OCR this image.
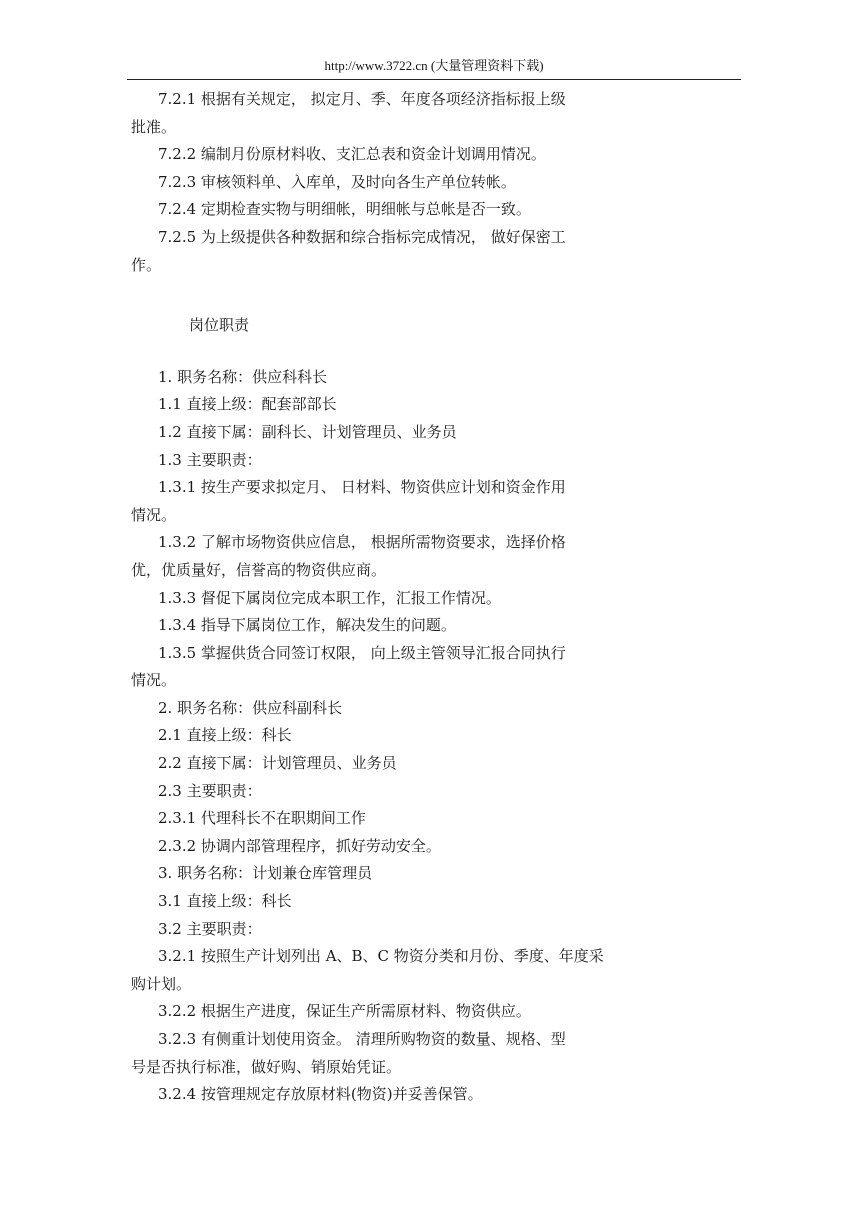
http://www.3722.cn (大量管理资料下载)

7.2.1 根据有关规定， 拟定月、季、年度各项经济指标报上级

批准。

7.2.2 编制月份原材料收、支汇总表和资金计划调用情况。

7.2.3 审核领料单、入库单，及时向各生产单位转帐。

7.2.4 定期检查实物与明细帐，明细帐与总帐是否一致。

7.2.5 为上级提供各种数据和综合指标完成情况， 做好保密工

作。

岗位职责

1. 职务名称：供应科科长

1.1 直接上级：配套部部长

1.2 直接下属：副科长、计划管理员、业务员

1.3 主要职责：

1.3.1 按生产要求拟定月、 日材料、物资供应计划和资金作用

情况。

1.3.2 了解市场物资供应信息， 根据所需物资要求，选择价格

优，优质量好，信誉高的物资供应商。

1.3.3 督促下属岗位完成本职工作，汇报工作情况。

1.3.4 指导下属岗位工作，解决发生的问题。

1.3.5 掌握供货合同签订权限， 向上级主管领导汇报合同执行

情况。

2. 职务名称：供应科副科长

2.1 直接上级：科长

2.2 直接下属：计划管理员、业务员

2.3 主要职责：

2.3.1 代理科长不在职期间工作

2.3.2 协调内部管理程序，抓好劳动安全。

3. 职务名称：计划兼仓库管理员

3.1 直接上级：科长

3.2 主要职责：

3.2.1 按照生产计划列出 A、B、C 物资分类和月份、季度、年度采

购计划。

3.2.2 根据生产进度，保证生产所需原材料、物资供应。

3.2.3 有侧重计划使用资金。 清理所购物资的数量、规格、型

号是否执行标准，做好购、销原始凭证。

3.2.4 按管理规定存放原材料(物资)并妥善保管。
